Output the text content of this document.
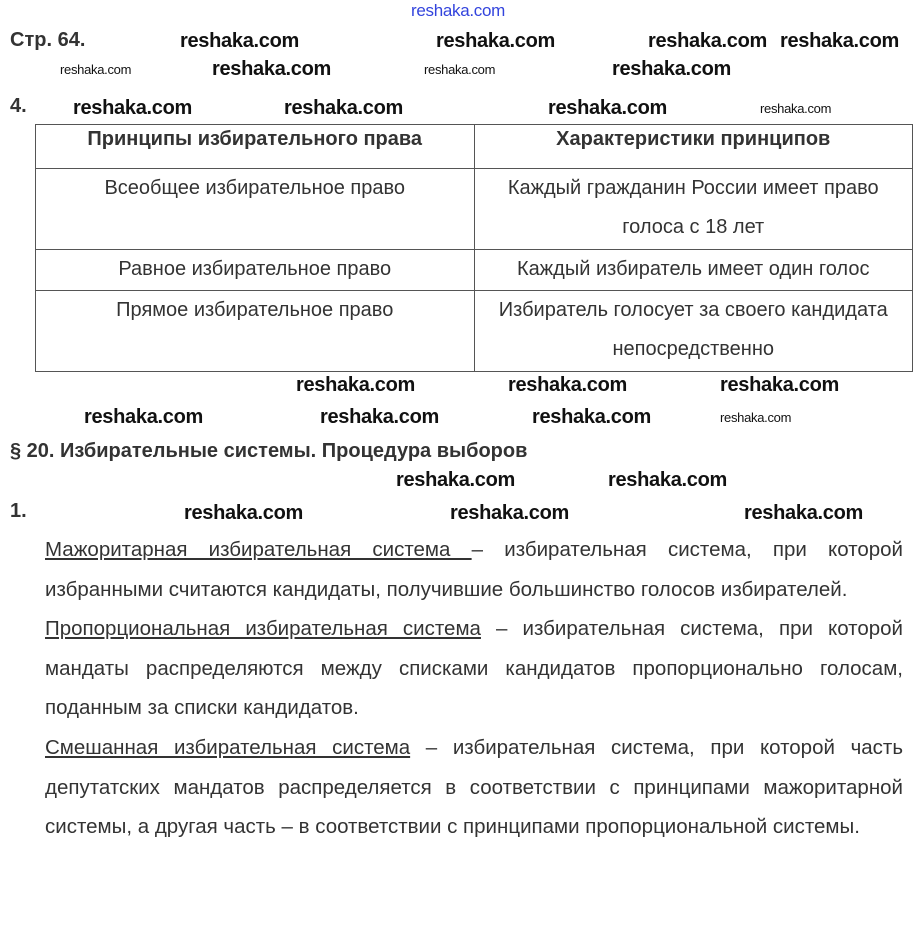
reshaka.com
Стр. 64.
4.
Принципы избирательного права	Характеристики принципов
Всеобщее избирательное право	Каждый гражданин России имеет право голоса с 18 лет
Равное избирательное право	Каждый избиратель имеет один голос
Прямое избирательное право	Избиратель голосует за своего кандидата непосредственно
§ 20. Избирательные системы. Процедура выборов
1.

Мажоритарная избирательная система – избирательная система, при которой избранными считаются кандидаты, получившие большинство голосов избирателей.

Пропорциональная избирательная система – избирательная система, при которой мандаты распределяются между списками кандидатов пропорционально голосам, поданным за списки кандидатов.

Смешанная избирательная система – избирательная система, при которой часть депутатских мандатов распределяется в соответствии с принципами мажоритарной системы, а другая часть – в соответствии с принципами пропорциональной системы.

reshaka.com	reshaka.com	reshaka.com reshaka.com
reshaka.com	reshaka.com	reshaka.com	reshaka.com
reshaka.com	reshaka.com	reshaka.com	reshaka.com
reshaka.com	reshaka.com	reshaka.com
reshaka.com	reshaka.com	reshaka.com	reshaka.com
reshaka.com	reshaka.com
reshaka.com	reshaka.com	reshaka.com
